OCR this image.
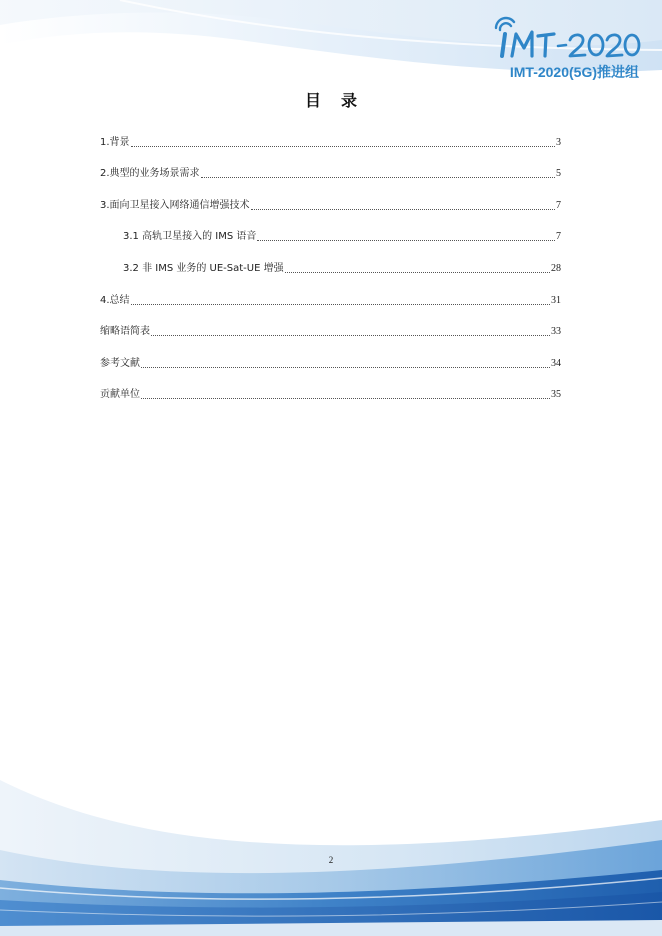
IMT-2020(5G)推进组
目 录
1.背景	3
2.典型的业务场景需求	5
3.面向卫星接入网络通信增强技术	7
3.1 高轨卫星接入的 IMS 语音	7
3.2 非 IMS 业务的 UE-Sat-UE 增强	28
4.总结	31
缩略语简表	33
参考文献	34
贡献单位	35
2
